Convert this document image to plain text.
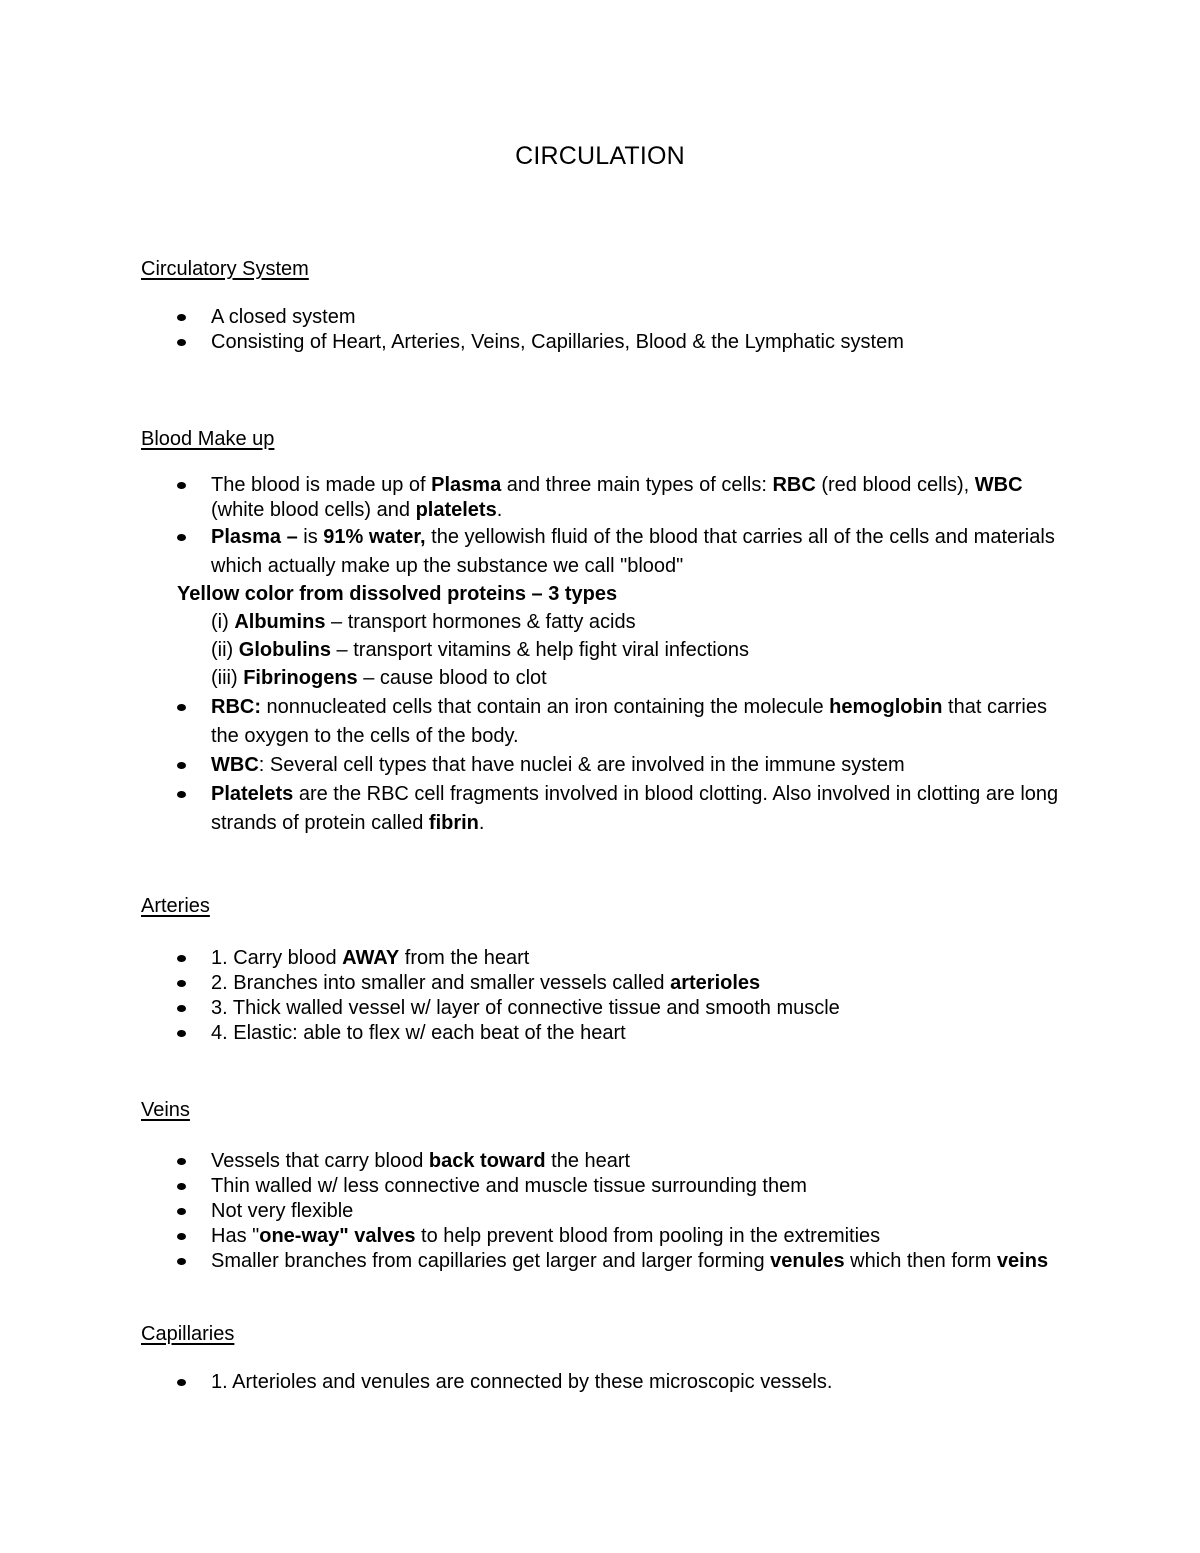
CIRCULATION
Circulatory System
A closed system
Consisting of Heart, Arteries, Veins, Capillaries, Blood & the Lymphatic system
Blood Make up
The blood is made up of Plasma and three main types of cells: RBC (red blood cells), WBC (white blood cells) and platelets.
Plasma – is 91% water, the yellowish fluid of the blood that carries all of the cells and materials which actually make up the substance we call "blood"
Yellow color from dissolved proteins – 3 types
(i) Albumins – transport hormones & fatty acids
(ii) Globulins – transport vitamins & help fight viral infections
(iii) Fibrinogens – cause blood to clot
RBC: nonnucleated cells that contain an iron containing the molecule hemoglobin that carries the oxygen to the cells of the body.
WBC: Several cell types that have nuclei & are involved in the immune system
Platelets are the RBC cell fragments involved in blood clotting. Also involved in clotting are long strands of protein called fibrin.
Arteries
1. Carry blood AWAY from the heart
2. Branches into smaller and smaller vessels called arterioles
3. Thick walled vessel w/ layer of connective tissue and smooth muscle
4. Elastic: able to flex w/ each beat of the heart
Veins
Vessels that carry blood back toward the heart
Thin walled w/ less connective and muscle tissue surrounding them
Not very flexible
Has "one-way" valves to help prevent blood from pooling in the extremities
Smaller branches from capillaries get larger and larger forming venules which then form veins
Capillaries
1. Arterioles and venules are connected by these microscopic vessels.
